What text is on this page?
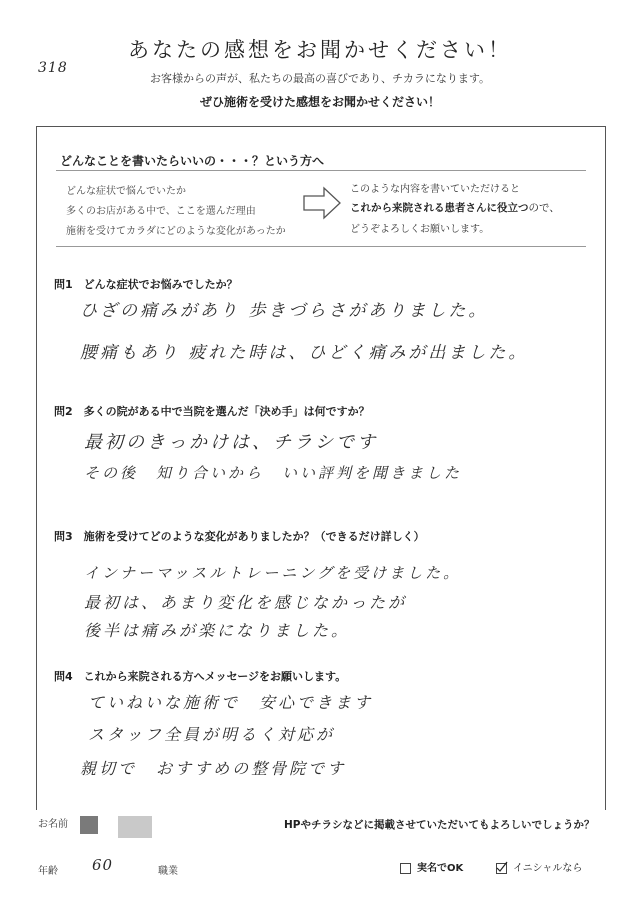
318
あなたの感想をお聞かせください！
お客様からの声が、私たちの最高の喜びであり、チカラになります。
ぜひ施術を受けた感想をお聞かせください！
どんなことを書いたらいいの・・・？という方へ
どんな症状で悩んでいたか
多くのお店がある中で、ここを選んだ理由
施術を受けてカラダにどのような変化があったか
このような内容を書いていただけると
これから来院される患者さんに役立つので、
どうぞよろしくお願いします。
問1　どんな症状でお悩みでしたか？
ひざの痛みがあり 歩きづらさがありました。
腰痛もあり 疲れた時は、ひどく痛みが出ました。
問2　多くの院がある中で当院を選んだ「決め手」は何ですか？
最初のきっかけは、チラシです
その後　知り合いから　いい評判を聞きました
問3　施術を受けてどのような変化がありましたか？（できるだけ詳しく）
インナーマッスルトレーニングを受けました。
最初は、あまり変化を感じなかったが
後半は痛みが楽になりました。
問4　これから来院される方へメッセージをお願いします。
ていねいな施術で　安心できます
スタッフ全員が明るく対応が
親切で　おすすめの整骨院です
お名前	HPやチラシなどに掲載させていただいてもよろしいでしょうか？
年齢 60	職業	実名でOK	イニシャルなら
